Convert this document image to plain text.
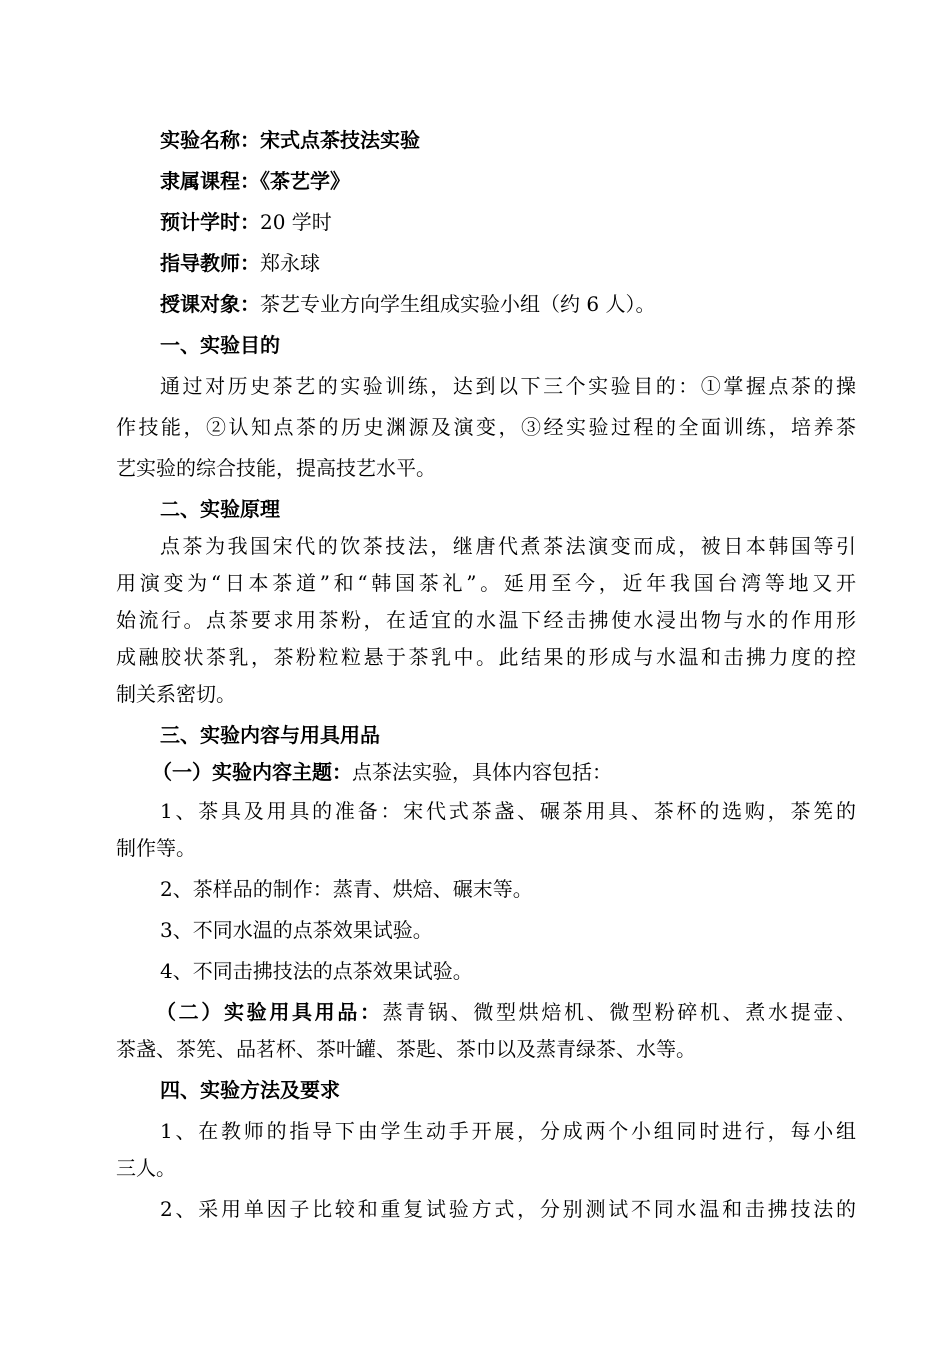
实验名称：宋式点茶技法实验
隶属课程：《茶艺学》
预计学时：20 学时
指导教师：郑永球
授课对象：茶艺专业方向学生组成实验小组（约 6 人）。
一、实验目的
通过对历史茶艺的实验训练，达到以下三个实验目的：①掌握点茶的操
作技能，②认知点茶的历史渊源及演变，③经实验过程的全面训练，培养茶
艺实验的综合技能，提高技艺水平。
二、实验原理
点茶为我国宋代的饮茶技法，继唐代煮茶法演变而成，被日本韩国等引
用演变为“日本茶道”和“韩国茶礼”。延用至今，近年我国台湾等地又开
始流行。点茶要求用茶粉，在适宜的水温下经击拂使水浸出物与水的作用形
成融胶状茶乳，茶粉粒粒悬于茶乳中。此结果的形成与水温和击拂力度的控
制关系密切。
三、实验内容与用具用品
（一）实验内容主题：点茶法实验，具体内容包括：
1、茶具及用具的准备：宋代式茶盏、碾茶用具、茶杯的选购，茶筅的
制作等。
2、茶样品的制作：蒸青、烘焙、碾末等。
3、不同水温的点茶效果试验。
4、不同击拂技法的点茶效果试验。
（二）实验用具用品：蒸青锅、微型烘焙机、微型粉碎机、煮水提壶、
茶盏、茶筅、品茗杯、茶叶罐、茶匙、茶巾以及蒸青绿茶、水等。
四、实验方法及要求
1、在教师的指导下由学生动手开展，分成两个小组同时进行，每小组
三人。
2、采用单因子比较和重复试验方式，分别测试不同水温和击拂技法的
